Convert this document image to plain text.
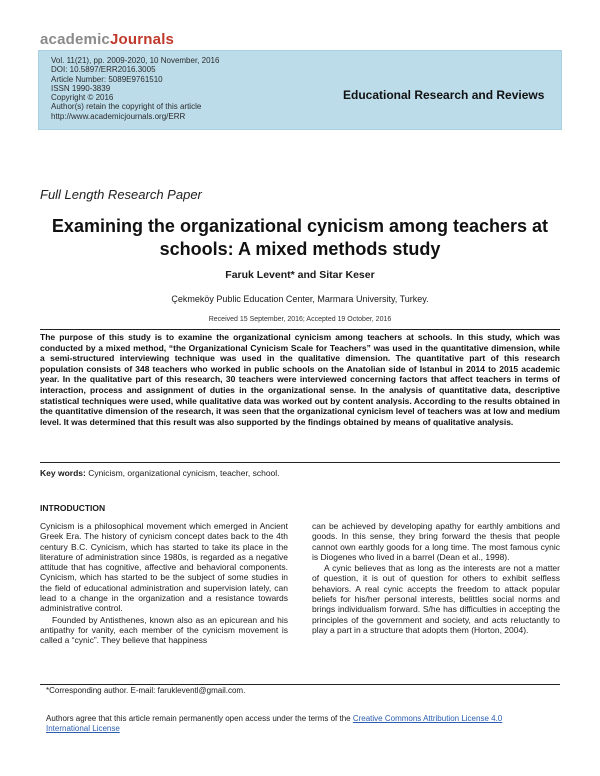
academicJournals
Vol. 11(21), pp. 2009-2020, 10 November, 2016
DOI: 10.5897/ERR2016.3005
Article Number: 5089E9761510
ISSN 1990-3839
Copyright © 2016
Author(s) retain the copyright of this article
http://www.academicjournals.org/ERR
Educational Research and Reviews
Full Length Research Paper
Examining the organizational cynicism among teachers at schools: A mixed methods study
Faruk Levent* and Sitar Keser
Çekmeköy Public Education Center, Marmara University, Turkey.
Received 15 September, 2016; Accepted 19 October, 2016
The purpose of this study is to examine the organizational cynicism among teachers at schools. In this study, which was conducted by a mixed method, “the Organizational Cynicism Scale for Teachers” was used in the quantitative dimension, while a semi-structured interviewing technique was used in the qualitative dimension. The quantitative part of this research population consists of 348 teachers who worked in public schools on the Anatolian side of Istanbul in 2014 to 2015 academic year. In the qualitative part of this research, 30 teachers were interviewed concerning factors that affect teachers in terms of interaction, process and assignment of duties in the organizational sense. In the analysis of quantitative data, descriptive statistical techniques were used, while qualitative data was worked out by content analysis. According to the results obtained in the quantitative dimension of the research, it was seen that the organizational cynicism level of teachers was at low and medium level. It was determined that this result was also supported by the findings obtained by means of qualitative analysis.
Key words: Cynicism, organizational cynicism, teacher, school.
INTRODUCTION

Cynicism is a philosophical movement which emerged in Ancient Greek Era. The history of cynicism concept dates back to the 4th century B.C. Cynicism, which has started to take its place in the literature of administration since 1980s, is regarded as a negative attitude that has cognitive, affective and behavioral components. Cynicism, which has started to be the subject of some studies in the field of educational administration and supervision lately, can lead to a change in the organization and a resistance towards administrative control.

Founded by Antisthenes, known also as an epicurean and his antipathy for vanity, each member of the cynicism movement is called a “cynic”. They believe that happiness

can be achieved by developing apathy for earthly ambitions and goods. In this sense, they bring forward the thesis that people cannot own earthly goods for a long time. The most famous cynic is Diogenes who lived in a barrel (Dean et al., 1998).

A cynic believes that as long as the interests are not a matter of question, it is out of question for others to exhibit selfless behaviors. A real cynic accepts the freedom to attack popular beliefs for his/her personal interests, belittles social norms and brings individualism forward. S/he has difficulties in accepting the principles of the government and society, and acts reluctantly to play a part in a structure that adopts them (Horton, 2004).

*Corresponding author. E-mail: farukleventl@gmail.com.
Authors agree that this article remain permanently open access under the terms of the Creative Commons Attribution License 4.0 International License
